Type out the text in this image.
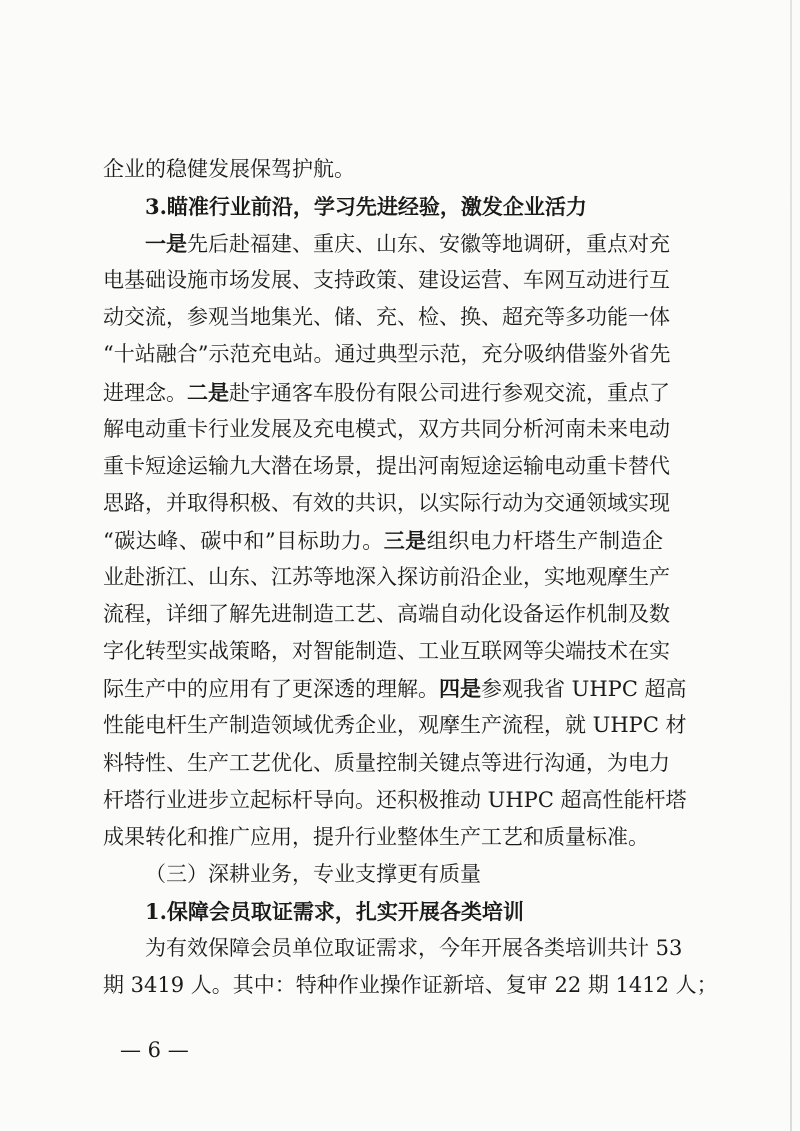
企业的稳健发展保驾护航。
3.瞄准行业前沿，学习先进经验，激发企业活力
一是先后赴福建、重庆、山东、安徽等地调研，重点对充
电基础设施市场发展、支持政策、建设运营、车网互动进行互
动交流，参观当地集光、储、充、检、换、超充等多功能一体
“十站融合”示范充电站。通过典型示范，充分吸纳借鉴外省先
进理念。二是赴宇通客车股份有限公司进行参观交流，重点了
解电动重卡行业发展及充电模式，双方共同分析河南未来电动
重卡短途运输九大潜在场景，提出河南短途运输电动重卡替代
思路，并取得积极、有效的共识，以实际行动为交通领域实现
“碳达峰、碳中和”目标助力。三是组织电力杆塔生产制造企
业赴浙江、山东、江苏等地深入探访前沿企业，实地观摩生产
流程，详细了解先进制造工艺、高端自动化设备运作机制及数
字化转型实战策略，对智能制造、工业互联网等尖端技术在实
际生产中的应用有了更深透的理解。四是参观我省 UHPC 超高
性能电杆生产制造领域优秀企业，观摩生产流程，就 UHPC 材
料特性、生产工艺优化、质量控制关键点等进行沟通，为电力
杆塔行业进步立起标杆导向。还积极推动 UHPC 超高性能杆塔
成果转化和推广应用，提升行业整体生产工艺和质量标准。
（三）深耕业务，专业支撑更有质量
1.保障会员取证需求，扎实开展各类培训
为有效保障会员单位取证需求，今年开展各类培训共计 53
期 3419 人。其中：特种作业操作证新培、复审 22 期 1412 人；
— 6 —
